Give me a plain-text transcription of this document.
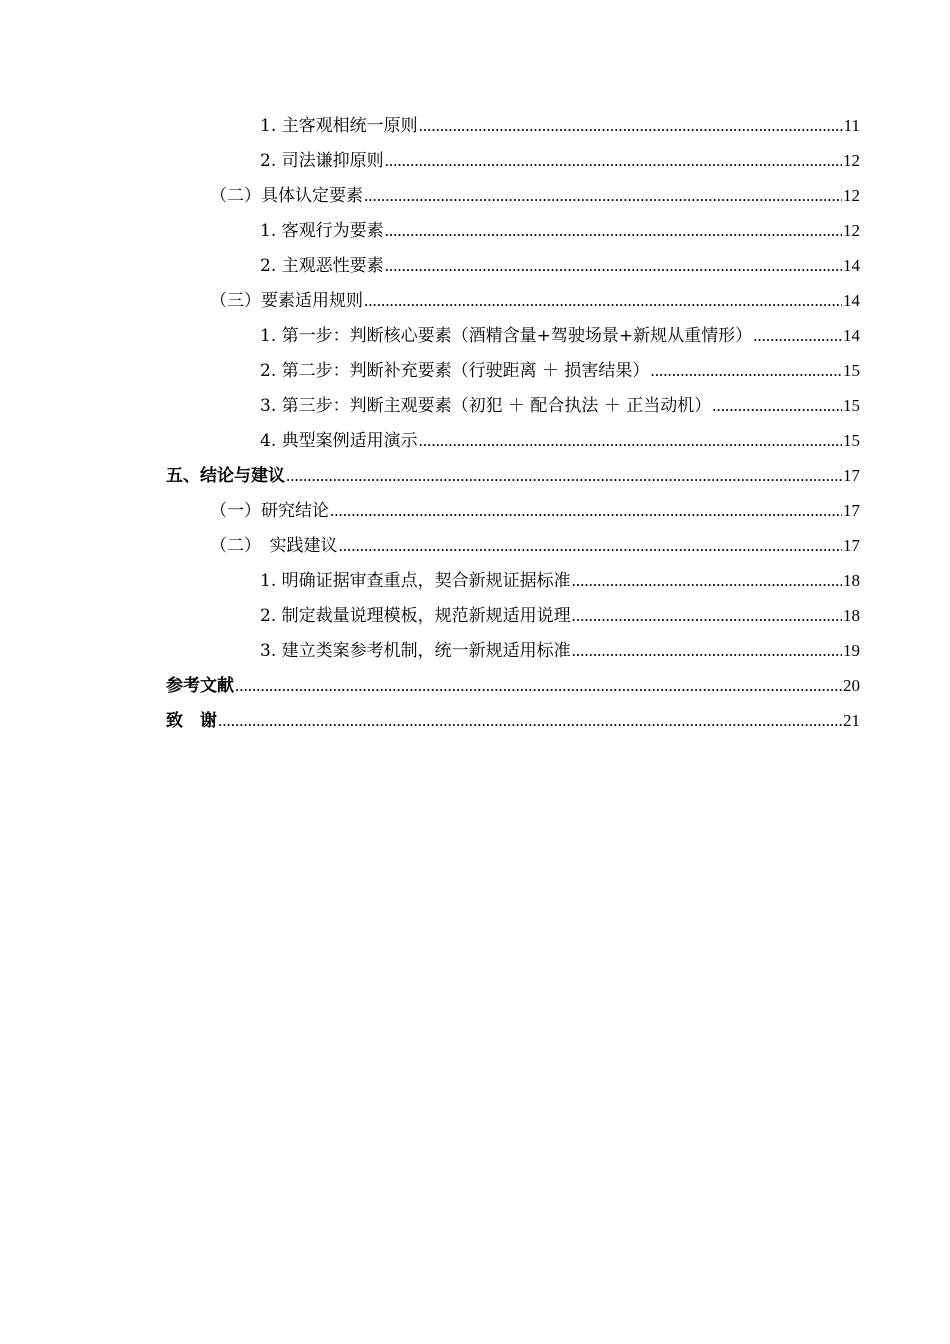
1. 主客观相统一原则 .....	11
2. 司法谦抑原则 .....	12
（二）具体认定要素 .....	12
1. 客观行为要素 .....	12
2. 主观恶性要素 .....	14
（三）要素适用规则 .....	14
1. 第一步：判断核心要素（酒精含量+驾驶场景+新规从重情形） .....	14
2. 第二步：判断补充要素（行驶距离 ＋ 损害结果） .....	15
3. 第三步：判断主观要素（初犯 ＋ 配合执法 ＋ 正当动机） .....	15
4. 典型案例适用演示 .....	15
五、结论与建议 .....	17
（一）研究结论 .....	17
（二）　实践建议 .....	17
1. 明确证据审查重点，契合新规证据标准 .....	18
2. 制定裁量说理模板，规范新规适用说理 .....	18
3. 建立类案参考机制，统一新规适用标准 .....	19
参考文献 .....	20
致　谢 .....	21
